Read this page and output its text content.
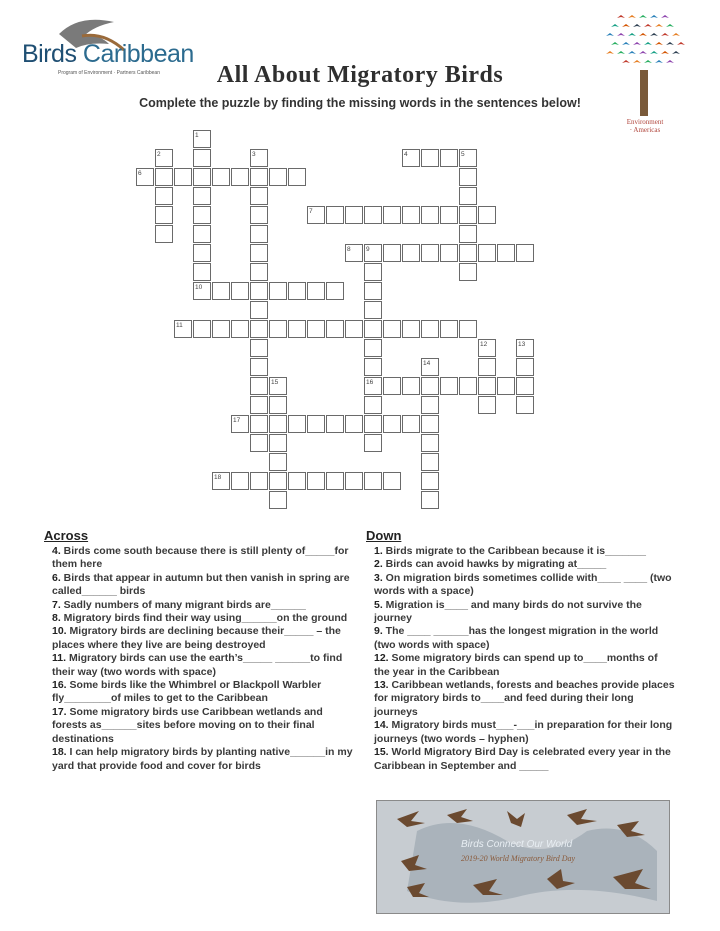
Birds Caribbean
Program of Environment · Partners Caribbean
Environment
· Americas
All About Migratory Birds
Complete the puzzle by finding the missing words in the sentences below!
1
2	3	4	5
6
7
8 9
10
11
12	13
14
15	16
17
18
Across
4. Birds come south because there is still plenty of_____for them here
6. Birds that appear in autumn but then vanish in spring are called______ birds
7. Sadly numbers of many migrant birds are______
8. Migratory birds find their way using______on the ground
10. Migratory birds are declining because their_____ – the places where they live are being destroyed
11. Migratory birds can use the earth’s_____ ______to find their way (two words with space)
16. Some birds like the Whimbrel or Blackpoll Warbler fly________of miles to get to the Caribbean
17. Some migratory birds use Caribbean wetlands and forests as______sites before moving on to their final destinations
18. I can help migratory birds by planting native______in my yard that provide food and cover for birds
Down
1. Birds migrate to the Caribbean because it is_______
2. Birds can avoid hawks by migrating at_____
3. On migration birds sometimes collide with____ ____ (two words with a space)
5. Migration is____ and many birds do not survive the journey
9. The ____ ______has the longest migration in the world (two words with space)
12. Some migratory birds can spend up to____months of the year in the Caribbean
13. Caribbean wetlands, forests and beaches provide places for migratory birds to____and feed during their long journeys
14. Migratory birds must___-___in preparation for their long journeys (two words – hyphen)
15. World Migratory Bird Day is celebrated every year in the Caribbean in September and _____
Birds Connect Our World
2019-20 World Migratory Bird Day
